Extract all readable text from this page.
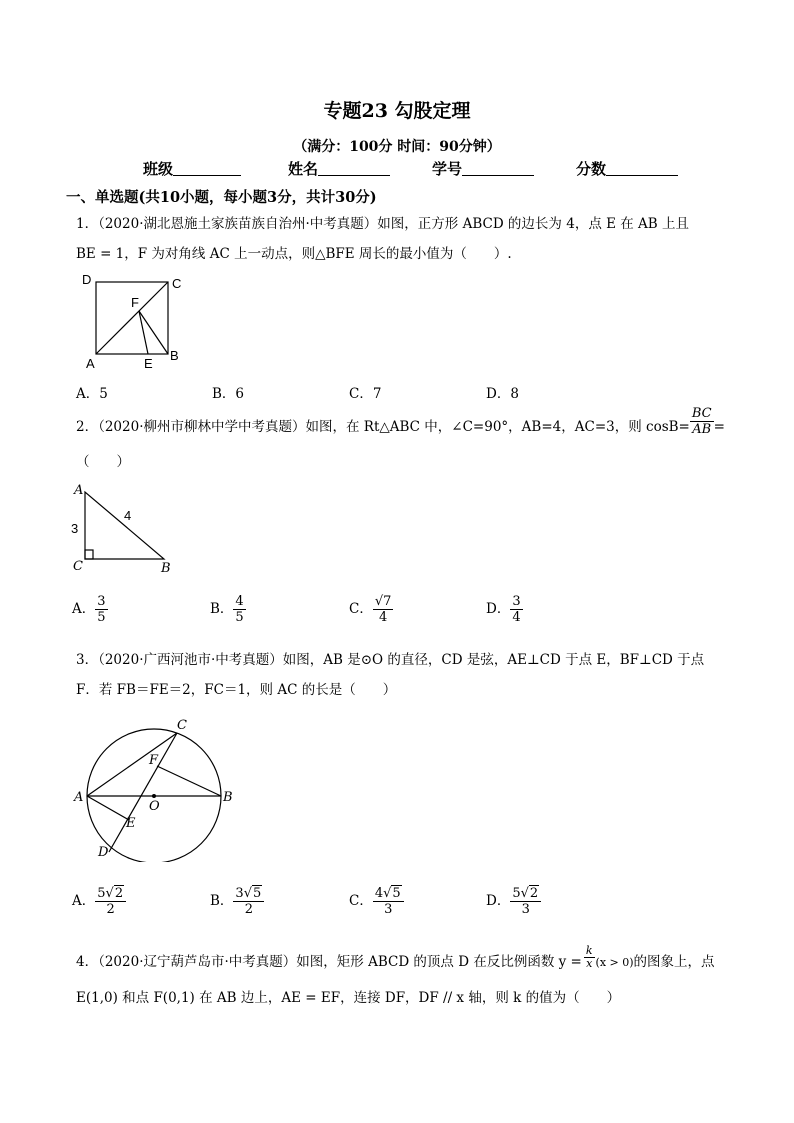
专题23 勾股定理
（满分：100分 时间：90分钟）
班级	姓名	学号	分数
一、单选题(共10小题，每小题3分，共计30分)
1．（2020·湖北恩施土家族苗族自治州·中考真题）如图，正方形 ABCD 的边长为 4，点 E 在 AB 上且
BE = 1，F 为对角线 AC 上一动点，则△BFE 周长的最小值为（　　）.
D	C
F
A	E
B
A．5	B．6	C．7	D．8
2．（2020·柳州市柳林中学中考真题）如图，在 Rt△ABC 中，∠C=90°，AB=4，AC=3，则 $\cos B= \frac{BC}{AB}$ =
（　　）
A
C	B
3
4
A． $\frac{3}{5}$	B． $\frac{4}{5}$	C． $\frac{√7}{4}$	D． $\frac{3}{4}$
3．（2020·广西河池市·中考真题）如图，AB 是⊙O 的直径，CD 是弦，AE⊥CD 于点 E，BF⊥CD 于点
F．若 FB＝FE＝2，FC＝1，则 AC 的长是（　　）
C
F
A
O
B
E
D
A． $\frac{5√2}{2}$	B． $\frac{3√5}{2}$	C． $\frac{4√5}{3}$	D． $\frac{5√2}{3}$
4．（2020·辽宁葫芦岛市·中考真题）如图，矩形 ABCD 的顶点 D 在反比例函数 $y = \frac{k}{x} (x > 0)$的图象上，点
E(1,0) 和点 F(0,1) 在 AB 边上，AE = EF，连接 DF，DF // x 轴，则 k 的值为（　　）
